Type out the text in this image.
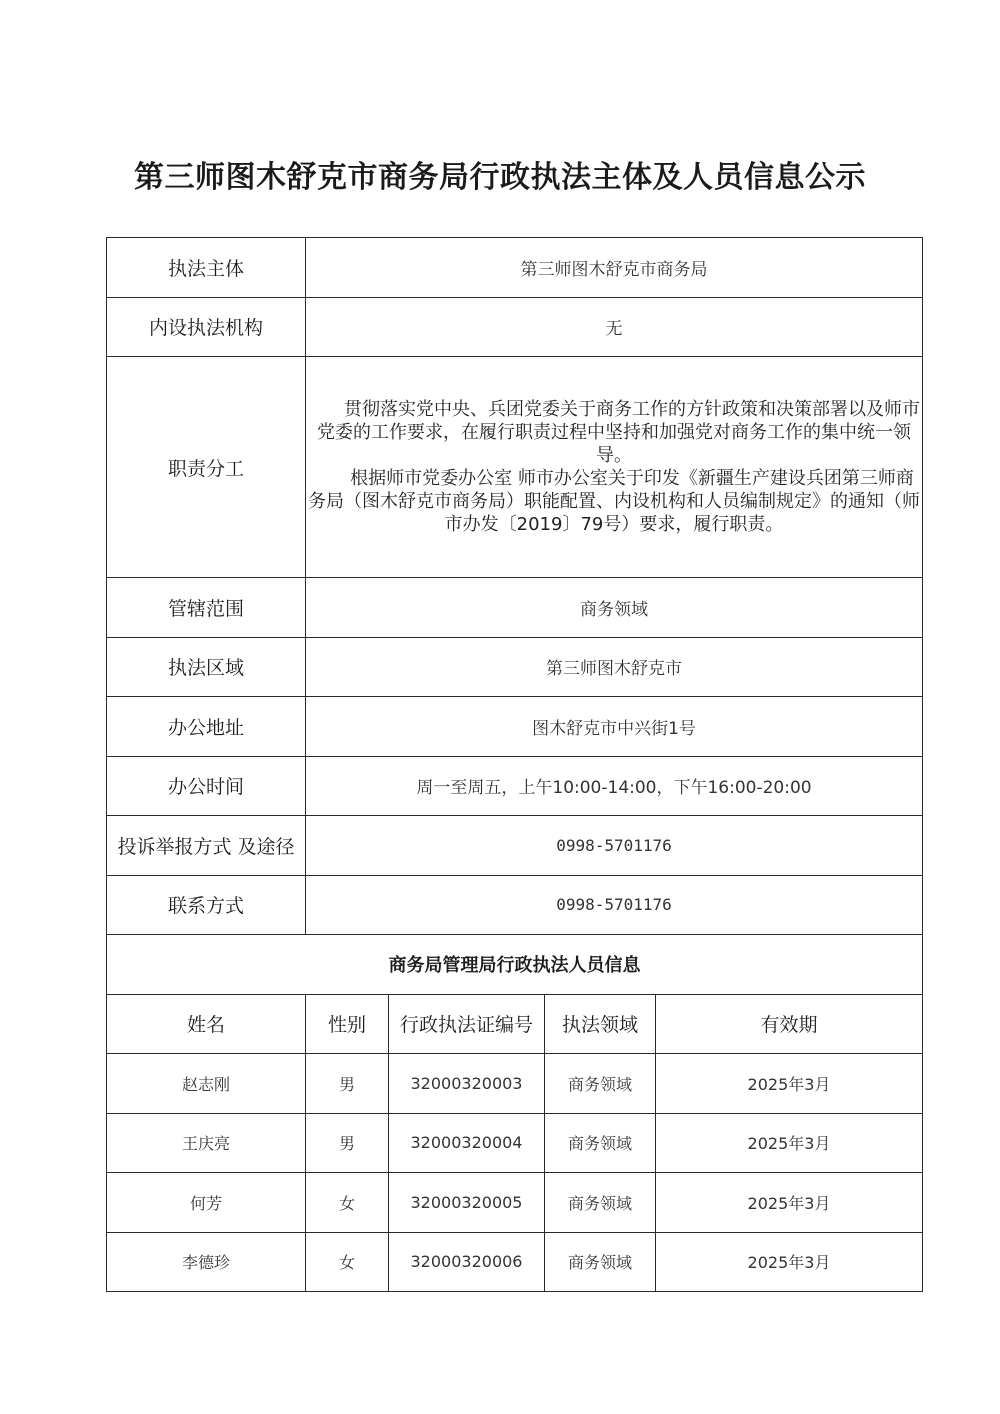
第三师图木舒克市商务局行政执法主体及人员信息公示
执法主体	第三师图木舒克市商务局			
内设执法机构	无			
职责分工	贯彻落实党中央、兵团党委关于商务工作的方针政策和决策部署以及师市党委的工作要求，在履行职责过程中坚持和加强党对商务工作的集中统一领导。

根据师市党委办公室 师市办公室关于印发《新疆生产建设兵团第三师商务局（图木舒克市商务局）职能配置、内设机构和人员编制规定》的通知（师市办发〔2019〕79号）要求，履行职责。			

管辖范围	商务领域			
执法区域	第三师图木舒克市			
办公地址	图木舒克市中兴街1号			
办公时间	周一至周五，上午10:00-14:00，下午16:00-20:00			
投诉举报方式 及途径	0998-5701176			
联系方式	0998-5701176			
商务局管理局行政执法人员信息				
姓名	性别	行政执法证编号	执法领域	有效期
赵志刚	男	32000320003	商务领域	2025年3月
王庆亮	男	32000320004	商务领域	2025年3月
何芳	女	32000320005	商务领域	2025年3月
李德珍	女	32000320006	商务领域	2025年3月
